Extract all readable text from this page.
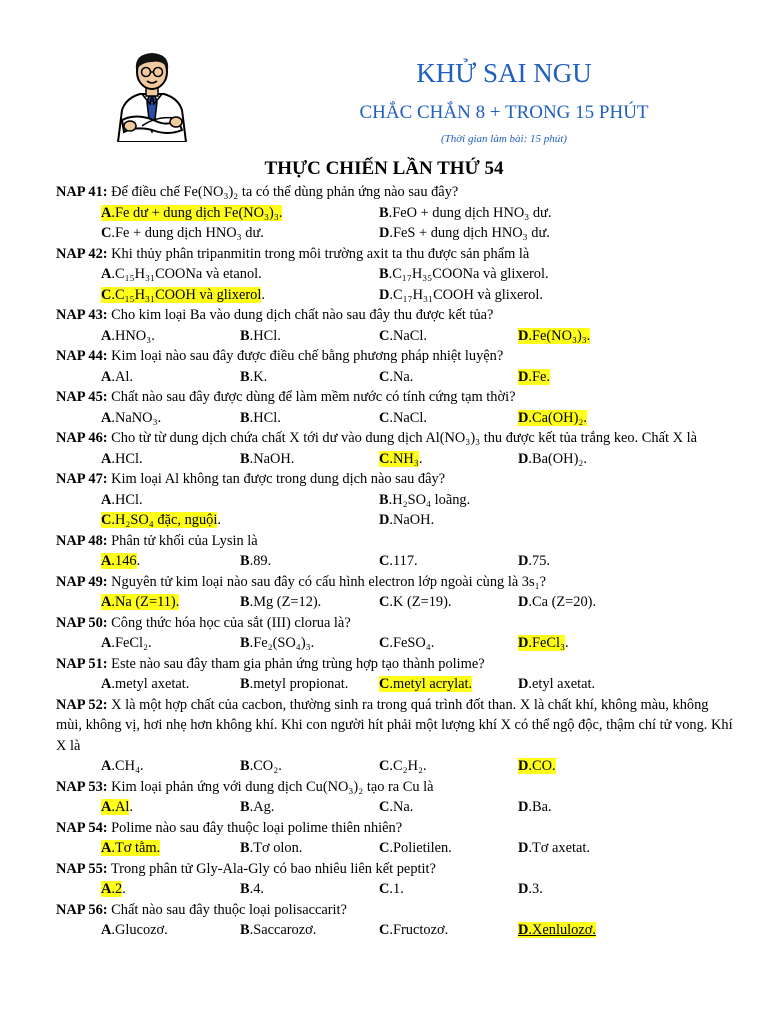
KHỬ SAI NGU
CHẮC CHẮN 8 + TRONG 15 PHÚT
(Thời gian làm bài: 15 phút)
THỰC CHIẾN LẦN THỨ 54
NAP 41: Để điều chế Fe(NO₃)₂ ta có thể dùng phản ứng nào sau đây?
A.Fe dư + dung dịch Fe(NO₃)₃.	B.FeO + dung dịch HNO₃ dư.
C.Fe + dung dịch HNO₃ dư.	D.FeS + dung dịch HNO₃ dư.
NAP 42: Khi thủy phân tripanmitin trong môi trường axit ta thu được sản phẩm là
A.C₁₅H₃₁COONa và etanol.	B.C₁₇H₃₅COONa và glixerol.
C.C₁₅H₃₁COOH và glixerol.	D.C₁₇H₃₁COOH và glixerol.
NAP 43: Cho kim loại Ba vào dung dịch chất nào sau đây thu được kết tủa?
A.HNO₃.	B.HCl.	C.NaCl.	D.Fe(NO₃)₃.
NAP 44: Kim loại nào sau đây được điều chế bằng phương pháp nhiệt luyện?
A.Al.	B.K.	C.Na.	D.Fe.
NAP 45: Chất nào sau đây được dùng để làm mềm nước có tính cứng tạm thời?
A.NaNO₃.	B.HCl.	C.NaCl.	D.Ca(OH)₂.
NAP 46: Cho từ từ dung dịch chứa chất X tới dư vào dung dịch Al(NO₃)₃ thu được kết tủa trắng keo. Chất X là
A.HCl.	B.NaOH.	C.NH₃.	D.Ba(OH)₂.
NAP 47: Kim loại Al không tan được trong dung dịch nào sau đây?
A.HCl.	B.H₂SO₄ loãng.
C.H₂SO₄ đặc, nguội.	D.NaOH.
NAP 48: Phân tử khối của Lysin là
A.146.	B.89.	C.117.	D.75.
NAP 49: Nguyên tử kim loại nào sau đây có cấu hình electron lớp ngoài cùng là 3s₁?
A.Na (Z=11).	B.Mg (Z=12).	C.K (Z=19).	D.Ca (Z=20).
NAP 50: Công thức hóa học của sắt (III) clorua là?
A.FeCl₂.	B.Fe₂(SO₄)₃.	C.FeSO₄.	D.FeCl₃.
NAP 51: Este nào sau đây tham gia phản ứng trùng hợp tạo thành polime?
A.metyl axetat.	B.metyl propionat.	C.metyl acrylat.	D.etyl axetat.
NAP 52: X là một hợp chất của cacbon, thường sinh ra trong quá trình đốt than. X là chất khí, không màu, không mùi, không vị, hơi nhẹ hơn không khí. Khi con người hít phải một lượng khí X có thể ngộ độc, thậm chí tử vong. Khí X là
A.CH₄.	B.CO₂.	C.C₂H₂.	D.CO.
NAP 53: Kim loại phản ứng với dung dịch Cu(NO₃)₂ tạo ra Cu là
A.Al.	B.Ag.	C.Na.	D.Ba.
NAP 54: Polime nào sau đây thuộc loại polime thiên nhiên?
A.Tơ tằm.	B.Tơ olon.	C.Polietilen.	D.Tơ axetat.
NAP 55: Trong phân tử Gly-Ala-Gly có bao nhiêu liên kết peptit?
A.2.	B.4.	C.1.	D.3.
NAP 56: Chất nào sau đây thuộc loại polisaccarit?
A.Glucozơ.	B.Saccarozơ.	C.Fructozơ.	D.Xenlulozơ.
